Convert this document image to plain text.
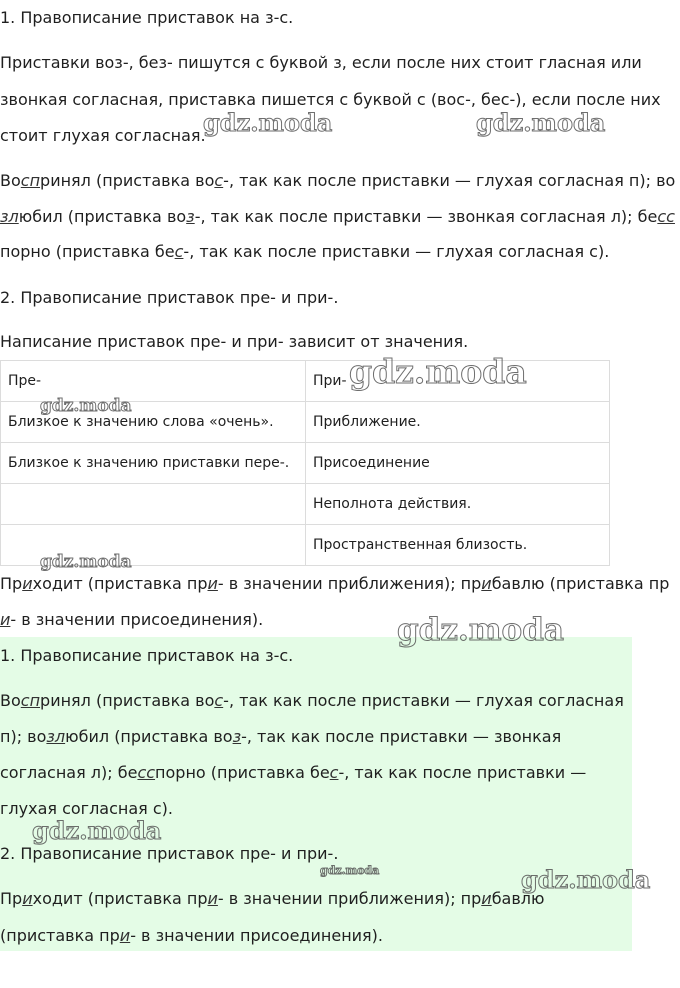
1. Правописание приставок на з-с.

Приставки воз-, без- пишутся с буквой з, если после них стоит гласная или

звонкая согласная, приставка пишется с буквой с (вос-, бес-), если после них

стоит глухая согласная.

Воспринял (приставка вос-, так как после приставки — глухая согласная п); во

злюбил (приставка воз-, так как после приставки — звонкая согласная л); бесс

порно (приставка бес-, так как после приставки — глухая согласная с).

2. Правописание приставок пре- и при-.

Написание приставок пре- и при- зависит от значения.

Пре-	При-
Близкое к значению слова «очень».	Приближение.
Близкое к значению приставки пере-.	Присоединение
	Неполнота действия.
	Пространственная близость.

Приходит (приставка при- в значении приближения); прибавлю (приставка пр

и- в значении присоединения).

1. Правописание приставок на з-с.

Воспринял (приставка вос-, так как после приставки — глухая согласная

п); возлюбил (приставка воз-, так как после приставки — звонкая

согласная л); бесспорно (приставка бес-, так как после приставки —

глухая согласная с).

2. Правописание приставок пре- и при-.

Приходит (приставка при- в значении приближения); прибавлю

(приставка при- в значении присоединения).

gdz.moda	gdz.moda
gdz.moda
gdz.moda
gdz.moda
gdz.moda
